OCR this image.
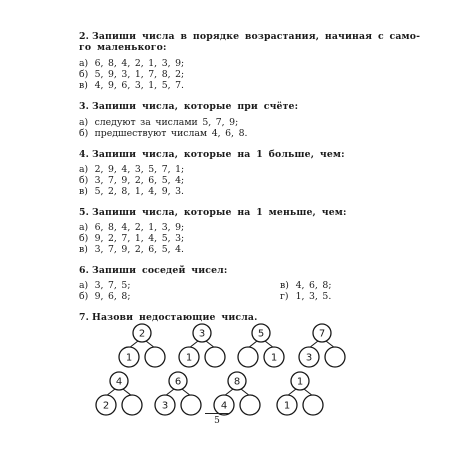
2. Запиши числа в порядке возрастания, начиная с само-
го маленького:
а) 6, 8, 4, 2, 1, 3, 9;
б) 5, 9, 3, 1, 7, 8, 2;
в) 4, 9, 6, 3, 1, 5, 7.
3. Запиши числа, которые при счёте:
а) следуют за числами 5, 7, 9;
б) предшествуют числам 4, 6, 8.
4. Запиши числа, которые на 1 больше, чем:
а) 2, 9, 4, 3, 5, 7, 1;
б) 3, 7, 9, 2, 6, 5, 4;
в) 5, 2, 8, 1, 4, 9, 3.
5. Запиши числа, которые на 1 меньше, чем:
а) 6, 8, 4, 2, 1, 3, 9;
б) 9, 2, 7, 1, 4, 5, 3;
в) 3, 7, 9, 2, 6, 5, 4.
6. Запиши соседей чисел:
а) 3, 7, 5;
б) 9, 6, 8;
в) 4, 6, 8;
г) 1, 3, 5.
7. Назови недостающие числа.
2
1
3
1
5
1
7
3
4
2
6
3
8
4
1
1
5
